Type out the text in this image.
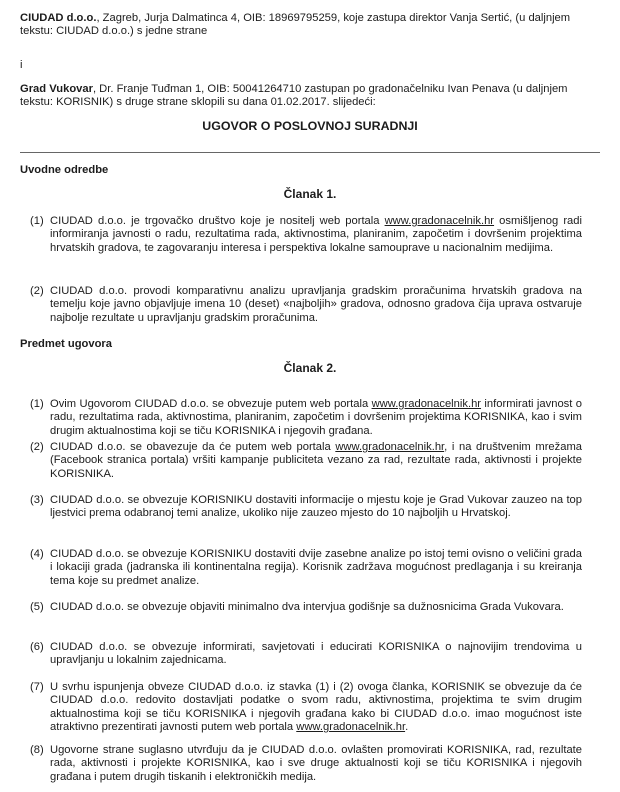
CIUDAD d.o.o., Zagreb, Jurja Dalmatinca 4, OIB: 18969795259, koje zastupa direktor Vanja Sertić, (u daljnjem tekstu: CIUDAD d.o.o.) s jedne strane
i
Grad Vukovar, Dr. Franje Tuđman 1, OIB: 50041264710 zastupan po gradonačelniku Ivan Penava (u daljnjem tekstu: KORISNIK) s druge strane sklopili su dana 01.02.2017. slijedeći:
UGOVOR O POSLOVNOJ SURADNJI
Uvodne odredbe
Članak 1.
(1) CIUDAD d.o.o. je trgovačko društvo koje je nositelj web portala www.gradonacelnik.hr osmišljenog radi informiranja javnosti o radu, rezultatima rada, aktivnostima, planiranim, započetim i dovršenim projektima hrvatskih gradova, te zagovaranju interesa i perspektiva lokalne samouprave u nacionalnim medijima.
(2) CIUDAD d.o.o. provodi komparativnu analizu upravljanja gradskim proračunima hrvatskih gradova na temelju koje javno objavljuje imena 10 (deset) «najboljih» gradova, odnosno gradova čija uprava ostvaruje najbolje rezultate u upravljanju gradskim proračunima.
Predmet ugovora
Članak 2.
(1) Ovim Ugovorom CIUDAD d.o.o. se obvezuje putem web portala www.gradonacelnik.hr informirati javnost o radu, rezultatima rada, aktivnostima, planiranim, započetim i dovršenim projektima KORISNIKA, kao i svim drugim aktualnostima koji se tiču KORISNIKA i njegovih građana.
(2) CIUDAD d.o.o. se obavezuje da će putem web portala www.gradonacelnik.hr, i na društvenim mrežama (Facebook stranica portala) vršiti kampanje publiciteta vezano za rad, rezultate rada, aktivnosti i projekte KORISNIKA.
(3) CIUDAD d.o.o. se obvezuje KORISNIKU dostaviti informacije o mjestu koje je Grad Vukovar zauzeo na top ljestvici prema odabranoj temi analize, ukoliko nije zauzeo mjesto do 10 najboljih u Hrvatskoj.
(4) CIUDAD d.o.o. se obvezuje KORISNIKU dostaviti dvije zasebne analize po istoj temi ovisno o veličini grada i lokaciji grada (jadranska ili kontinentalna regija). Korisnik zadržava mogućnost predlaganja i su kreiranja tema koje su predmet analize.
(5) CIUDAD d.o.o. se obvezuje objaviti minimalno dva intervjua godišnje sa dužnosnicima Grada Vukovara.
(6) CIUDAD d.o.o. se obvezuje informirati, savjetovati i educirati KORISNIKA o najnovijim trendovima u upravljanju u lokalnim zajednicama.
(7) U svrhu ispunjenja obveze CIUDAD d.o.o. iz stavka (1) i (2) ovoga članka, KORISNIK se obvezuje da će CIUDAD d.o.o. redovito dostavljati podatke o svom radu, aktivnostima, projektima te svim drugim aktualnostima koji se tiču KORISNIKA i njegovih građana kako bi CIUDAD d.o.o. imao mogućnost iste atraktivno prezentirati javnosti putem web portala www.gradonacelnik.hr.
(8) Ugovorne strane suglasno utvrđuju da je CIUDAD d.o.o. ovlašten promovirati KORISNIKA, rad, rezultate rada, aktivnosti i projekte KORISNIKA, kao i sve druge aktualnosti koji se tiču KORISNIKA i njegovih građana i putem drugih tiskanih i elektroničkih medija.
